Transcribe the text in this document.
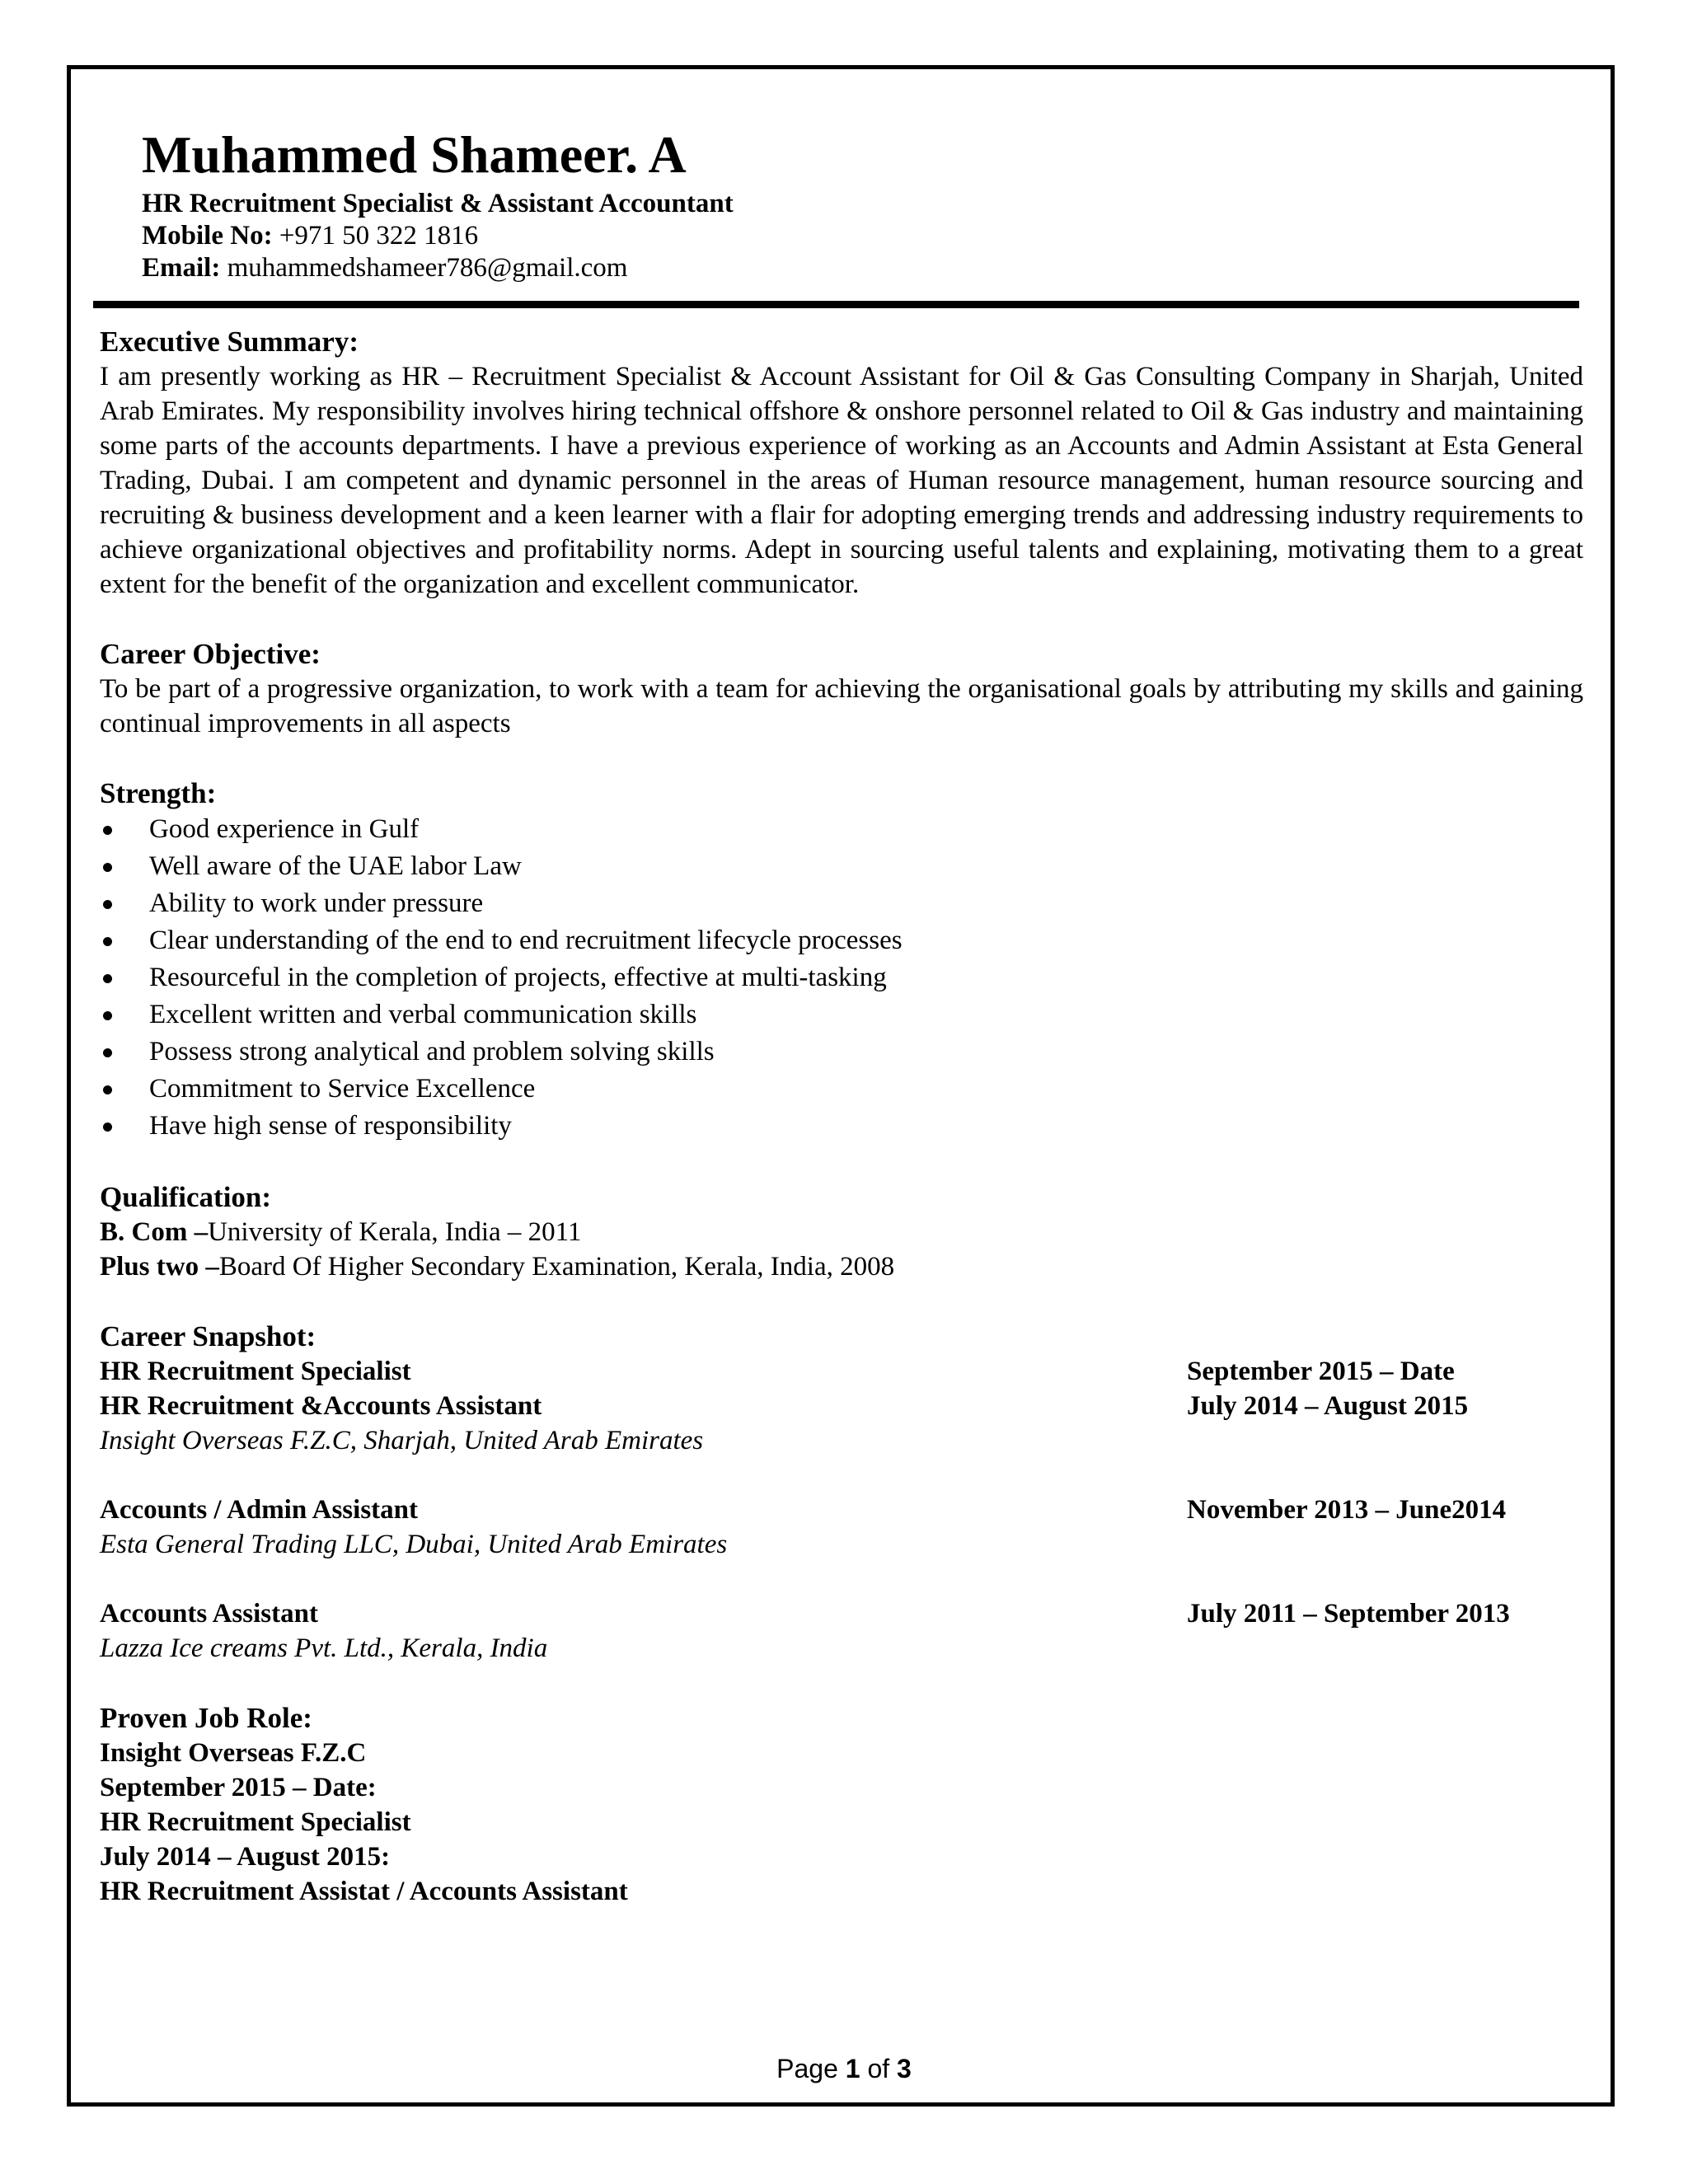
Muhammed Shameer. A
HR Recruitment Specialist & Assistant Accountant
Mobile No: +971 50 322 1816
Email: muhammedshameer786@gmail.com
Executive Summary:

I am presently working as HR – Recruitment Specialist & Account Assistant for Oil & Gas Consulting Company in Sharjah, United Arab Emirates. My responsibility involves hiring technical offshore & onshore personnel related to Oil & Gas industry and maintaining some parts of the accounts departments. I have a previous experience of working as an Accounts and Admin Assistant at Esta General Trading, Dubai. I am competent and dynamic personnel in the areas of Human resource management, human resource sourcing and recruiting & business development and a keen learner with a flair for adopting emerging trends and addressing industry requirements to achieve organizational objectives and profitability norms. Adept in sourcing useful talents and explaining, motivating them to a great extent for the benefit of the organization and excellent communicator.

Career Objective:

To be part of a progressive organization, to work with a team for achieving the organisational goals by attributing my skills and gaining continual improvements in all aspects

Strength:
Good experience in Gulf
Well aware of the UAE labor Law
Ability to work under pressure
Clear understanding of the end to end recruitment lifecycle processes
Resourceful in the completion of projects, effective at multi-tasking
Excellent written and verbal communication skills
Possess strong analytical and problem solving skills
Commitment to Service Excellence
Have high sense of responsibility
Qualification:
B. Com –University of Kerala, India – 2011
Plus two –Board Of Higher Secondary Examination, Kerala, India, 2008
Career Snapshot:
HR Recruitment Specialist	September 2015 – Date
HR Recruitment &Accounts Assistant	July 2014 – August 2015
Insight Overseas F.Z.C, Sharjah, United Arab Emirates
Accounts / Admin Assistant	November 2013 – June2014
Esta General Trading LLC, Dubai, United Arab Emirates
Accounts Assistant	July 2011 – September 2013
Lazza Ice creams Pvt. Ltd., Kerala, India
Proven Job Role:
Insight Overseas F.Z.C
September 2015 – Date:
HR Recruitment Specialist
July 2014 – August 2015:
HR Recruitment Assistat / Accounts Assistant
Page 1 of 3
